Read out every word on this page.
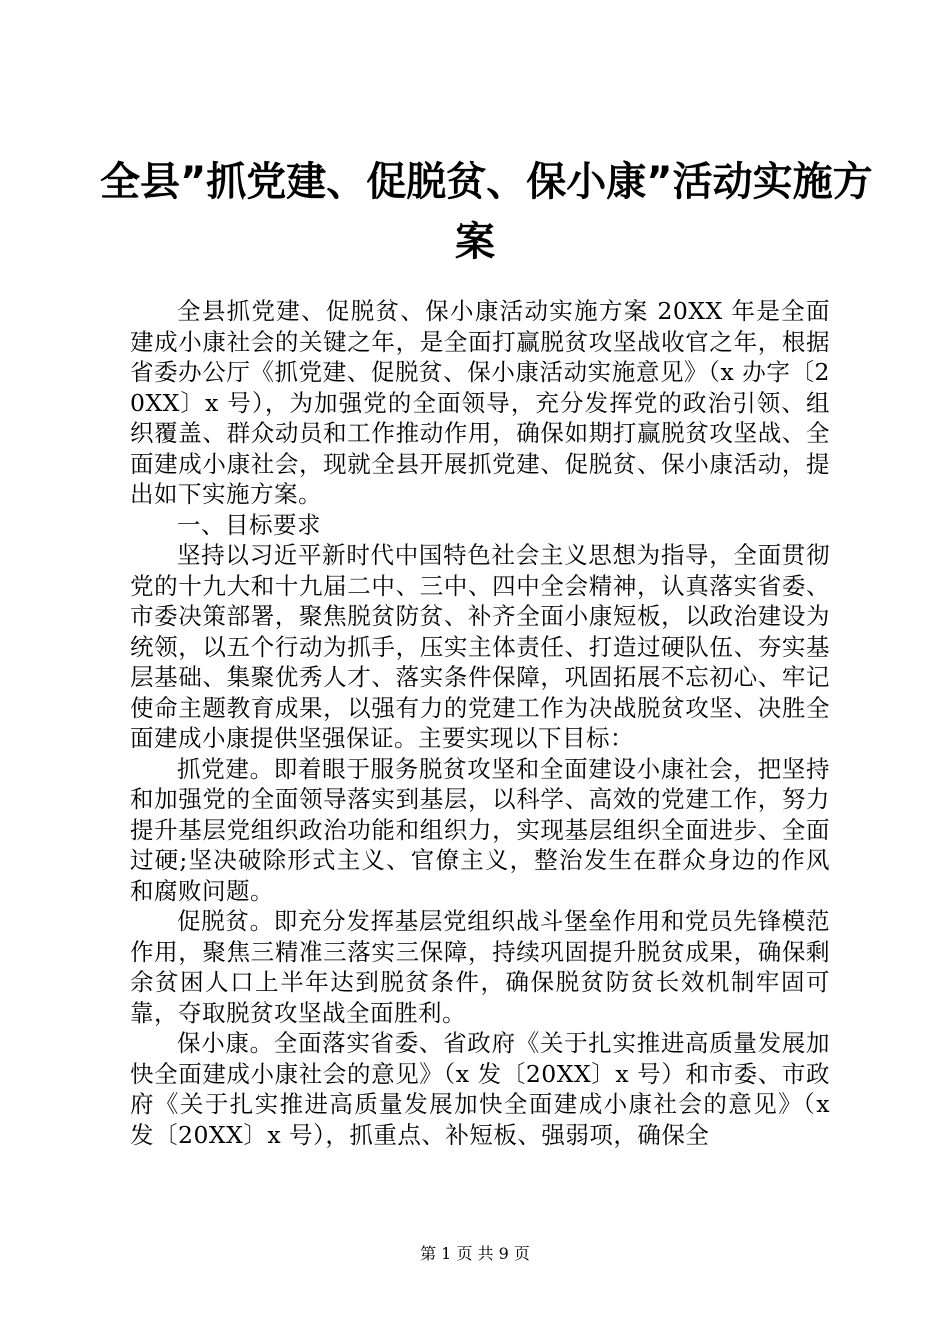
全县”抓党建、促脱贫、保小康”活动实施方
案

全县抓党建、促脱贫、保小康活动实施方案 20XX 年是全面建成小康社会的关键之年，是全面打赢脱贫攻坚战收官之年，根据省委办公厅《抓党建、促脱贫、保小康活动实施意见》（x 办字〔20XX〕x 号），为加强党的全面领导，充分发挥党的政治引领、组织覆盖、群众动员和工作推动作用，确保如期打赢脱贫攻坚战、全面建成小康社会，现就全县开展抓党建、促脱贫、保小康活动，提出如下实施方案。

一、目标要求

坚持以习近平新时代中国特色社会主义思想为指导，全面贯彻党的十九大和十九届二中、三中、四中全会精神，认真落实省委、市委决策部署，聚焦脱贫防贫、补齐全面小康短板，以政治建设为统领，以五个行动为抓手，压实主体责任、打造过硬队伍、夯实基层基础、集聚优秀人才、落实条件保障，巩固拓展不忘初心、牢记使命主题教育成果，以强有力的党建工作为决战脱贫攻坚、决胜全面建成小康提供坚强保证。主要实现以下目标：

抓党建。即着眼于服务脱贫攻坚和全面建设小康社会，把坚持和加强党的全面领导落实到基层，以科学、高效的党建工作，努力提升基层党组织政治功能和组织力，实现基层组织全面进步、全面过硬;坚决破除形式主义、官僚主义，整治发生在群众身边的作风和腐败问题。

促脱贫。即充分发挥基层党组织战斗堡垒作用和党员先锋模范作用，聚焦三精准三落实三保障，持续巩固提升脱贫成果，确保剩余贫困人口上半年达到脱贫条件，确保脱贫防贫长效机制牢固可靠，夺取脱贫攻坚战全面胜利。

保小康。全面落实省委、省政府《关于扎实推进高质量发展加快全面建成小康社会的意见》（x 发〔20XX〕x 号）和市委、市政府《关于扎实推进高质量发展加快全面建成小康社会的意见》（x 发〔20XX〕x 号），抓重点、补短板、强弱项，确保全

第 1 页 共 9 页
